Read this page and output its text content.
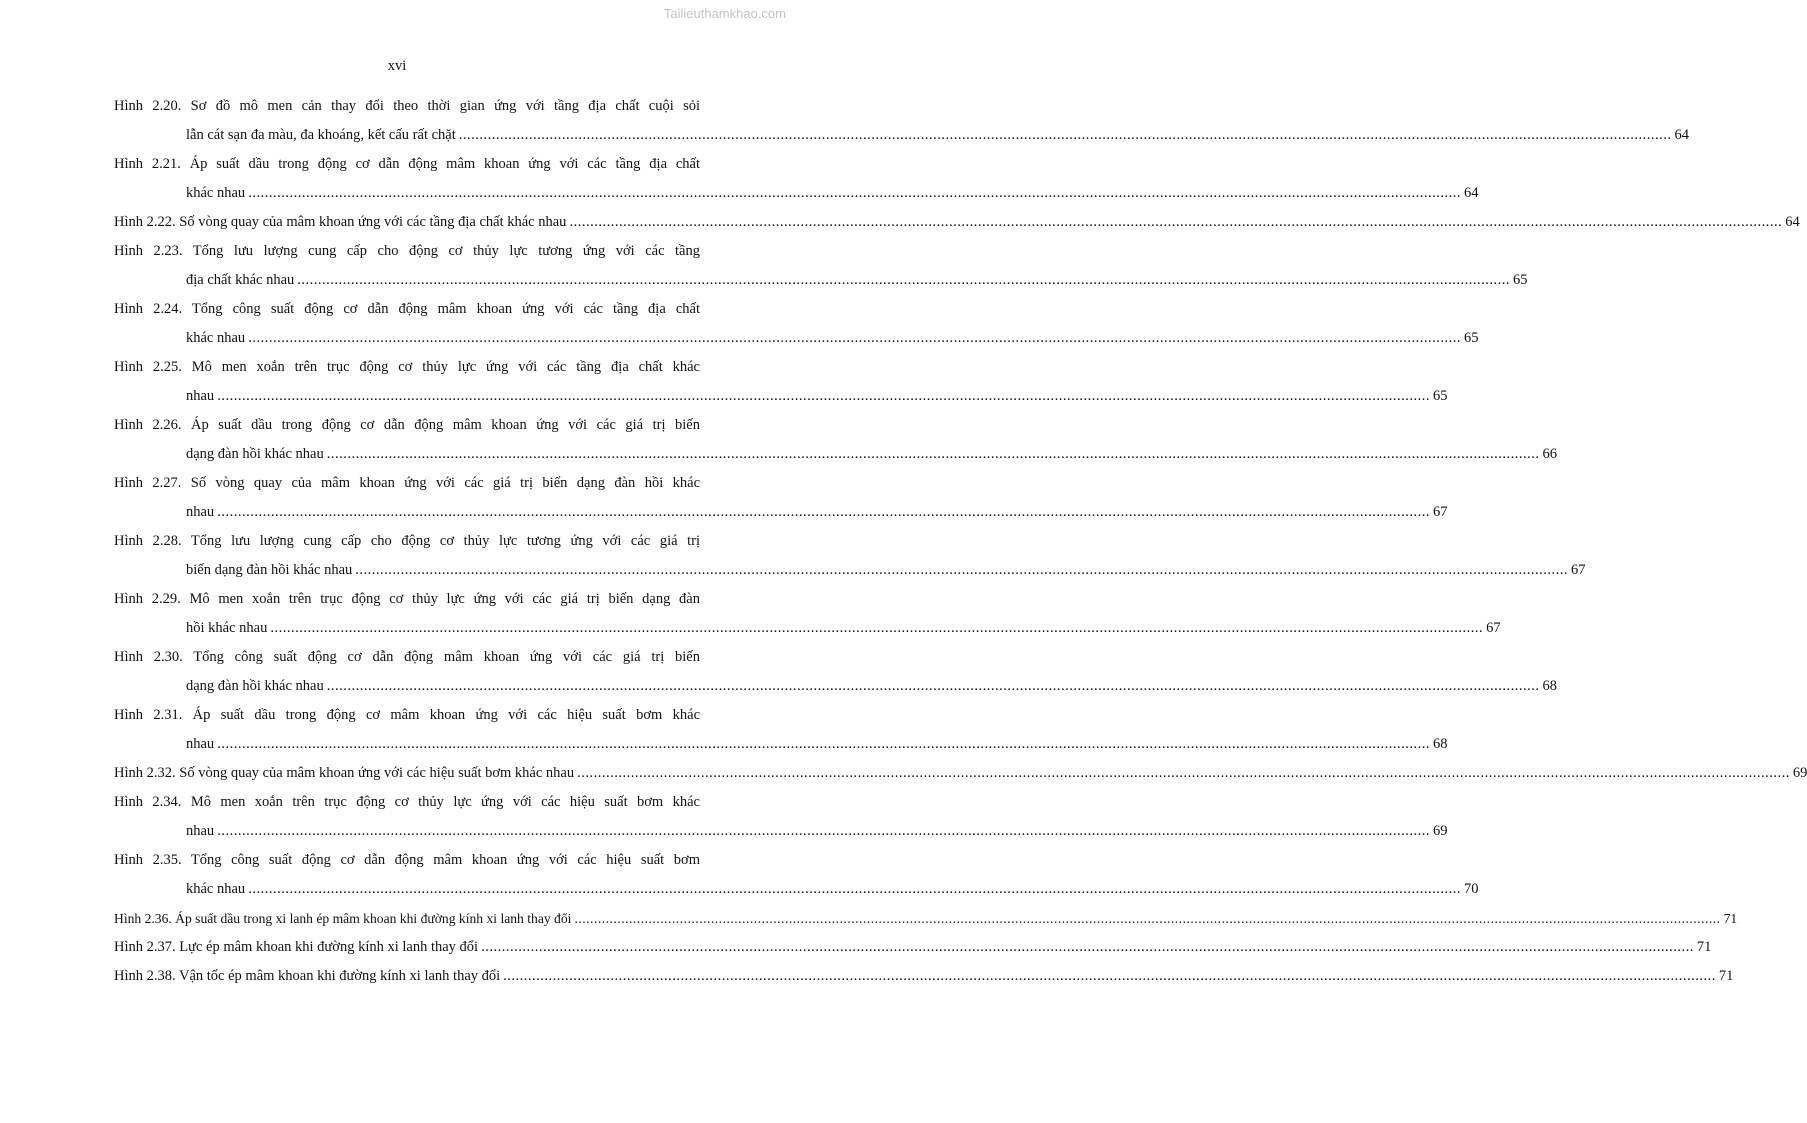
Tailieuthamkhao.com
xvi
Hình 2.20. Sơ đồ mô men cản thay đổi theo thời gian ứng với tầng địa chất cuội sỏi
lẫn cát sạn đa màu, đa khoáng, kết cấu rất chặt ...................................................................................................................................................................................................................................................................................................... 64
Hình 2.21. Áp suất dầu trong động cơ dẫn động mâm khoan ứng với các tầng địa chất
khác nhau ...................................................................................................................................................................................................................................................................................................... 64
Hình 2.22. Số vòng quay của mâm khoan ứng với các tầng địa chất khác nhau ...................................................................................................................................................................................................................................................................................................... 64
Hình 2.23. Tổng lưu lượng cung cấp cho động cơ thủy lực tương ứng với các tầng
địa chất khác nhau ...................................................................................................................................................................................................................................................................................................... 65
Hình 2.24. Tổng công suất động cơ dẫn động mâm khoan ứng với các tầng địa chất
khác nhau ...................................................................................................................................................................................................................................................................................................... 65
Hình 2.25. Mô men xoắn trên trục động cơ thủy lực ứng với các tầng địa chất khác
nhau ...................................................................................................................................................................................................................................................................................................... 65
Hình 2.26. Áp suất dầu trong động cơ dẫn động mâm khoan ứng với các giá trị biến
dạng đàn hồi khác nhau ...................................................................................................................................................................................................................................................................................................... 66
Hình 2.27. Số vòng quay của mâm khoan ứng với các giá trị biến dạng đàn hồi khác
nhau ...................................................................................................................................................................................................................................................................................................... 67
Hình 2.28. Tổng lưu lượng cung cấp cho động cơ thủy lực tương ứng với các giá trị
biến dạng đàn hồi khác nhau ...................................................................................................................................................................................................................................................................................................... 67
Hình 2.29. Mô men xoắn trên trục động cơ thủy lực ứng với các giá trị biến dạng đàn
hồi khác nhau ...................................................................................................................................................................................................................................................................................................... 67
Hình 2.30. Tổng công suất động cơ dẫn động mâm khoan ứng với các giá trị biến
dạng đàn hồi khác nhau ...................................................................................................................................................................................................................................................................................................... 68
Hình 2.31. Áp suất dầu trong động cơ mâm khoan ứng với các hiệu suất bơm khác
nhau ...................................................................................................................................................................................................................................................................................................... 68
Hình 2.32. Số vòng quay của mâm khoan ứng với các hiệu suất bơm khác nhau ...................................................................................................................................................................................................................................................................................................... 69
Hình 2.34. Mô men xoắn trên trục động cơ thủy lực ứng với các hiệu suất bơm khác
nhau ...................................................................................................................................................................................................................................................................................................... 69
Hình 2.35. Tổng công suất động cơ dẫn động mâm khoan ứng với các hiệu suất bơm
khác nhau ...................................................................................................................................................................................................................................................................................................... 70
Hình 2.36. Áp suất dầu trong xi lanh ép mâm khoan khi đường kính xi lanh thay đổi ...................................................................................................................................................................................................................................................................................................... 71
Hình 2.37. Lực ép mâm khoan khi đường kính xi lanh thay đổi ...................................................................................................................................................................................................................................................................................................... 71
Hình 2.38. Vận tốc ép mâm khoan khi đường kính xi lanh thay đổi ...................................................................................................................................................................................................................................................................................................... 71
